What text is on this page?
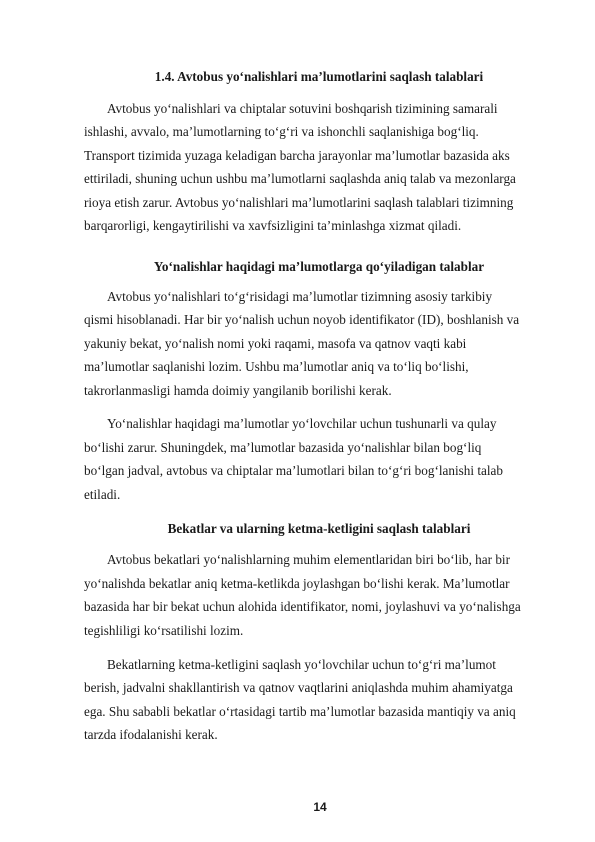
1.4. Avtobus yo‘nalishlari ma’lumotlarini saqlash talablari

Avtobus yo‘nalishlari va chiptalar sotuvini boshqarish tizimining samarali

ishlashi, avvalo, ma’lumotlarning to‘g‘ri va ishonchli saqlanishiga bog‘liq.

Transport tizimida yuzaga keladigan barcha jarayonlar ma’lumotlar bazasida aks

ettiriladi, shuning uchun ushbu ma’lumotlarni saqlashda aniq talab va mezonlarga

rioya etish zarur. Avtobus yo‘nalishlari ma’lumotlarini saqlash talablari tizimning

barqarorligi, kengaytirilishi va xavfsizligini ta’minlashga xizmat qiladi.

Yo‘nalishlar haqidagi ma’lumotlarga qo‘yiladigan talablar

Avtobus yo‘nalishlari to‘g‘risidagi ma’lumotlar tizimning asosiy tarkibiy

qismi hisoblanadi. Har bir yo‘nalish uchun noyob identifikator (ID), boshlanish va

yakuniy bekat, yo‘nalish nomi yoki raqami, masofa va qatnov vaqti kabi

ma’lumotlar saqlanishi lozim. Ushbu ma’lumotlar aniq va to‘liq bo‘lishi,

takrorlanmasligi hamda doimiy yangilanib borilishi kerak.

Yo‘nalishlar haqidagi ma’lumotlar yo‘lovchilar uchun tushunarli va qulay

bo‘lishi zarur. Shuningdek, ma’lumotlar bazasida yo‘nalishlar bilan bog‘liq

bo‘lgan jadval, avtobus va chiptalar ma’lumotlari bilan to‘g‘ri bog‘lanishi talab

etiladi.

Bekatlar va ularning ketma-ketligini saqlash talablari

Avtobus bekatlari yo‘nalishlarning muhim elementlaridan biri bo‘lib, har bir

yo‘nalishda bekatlar aniq ketma-ketlikda joylashgan bo‘lishi kerak. Ma’lumotlar

bazasida har bir bekat uchun alohida identifikator, nomi, joylashuvi va yo‘nalishga

tegishliligi ko‘rsatilishi lozim.

Bekatlarning ketma-ketligini saqlash yo‘lovchilar uchun to‘g‘ri ma’lumot

berish, jadvalni shakllantirish va qatnov vaqtlarini aniqlashda muhim ahamiyatga

ega. Shu sababli bekatlar o‘rtasidagi tartib ma’lumotlar bazasida mantiqiy va aniq

tarzda ifodalanishi kerak.

14
